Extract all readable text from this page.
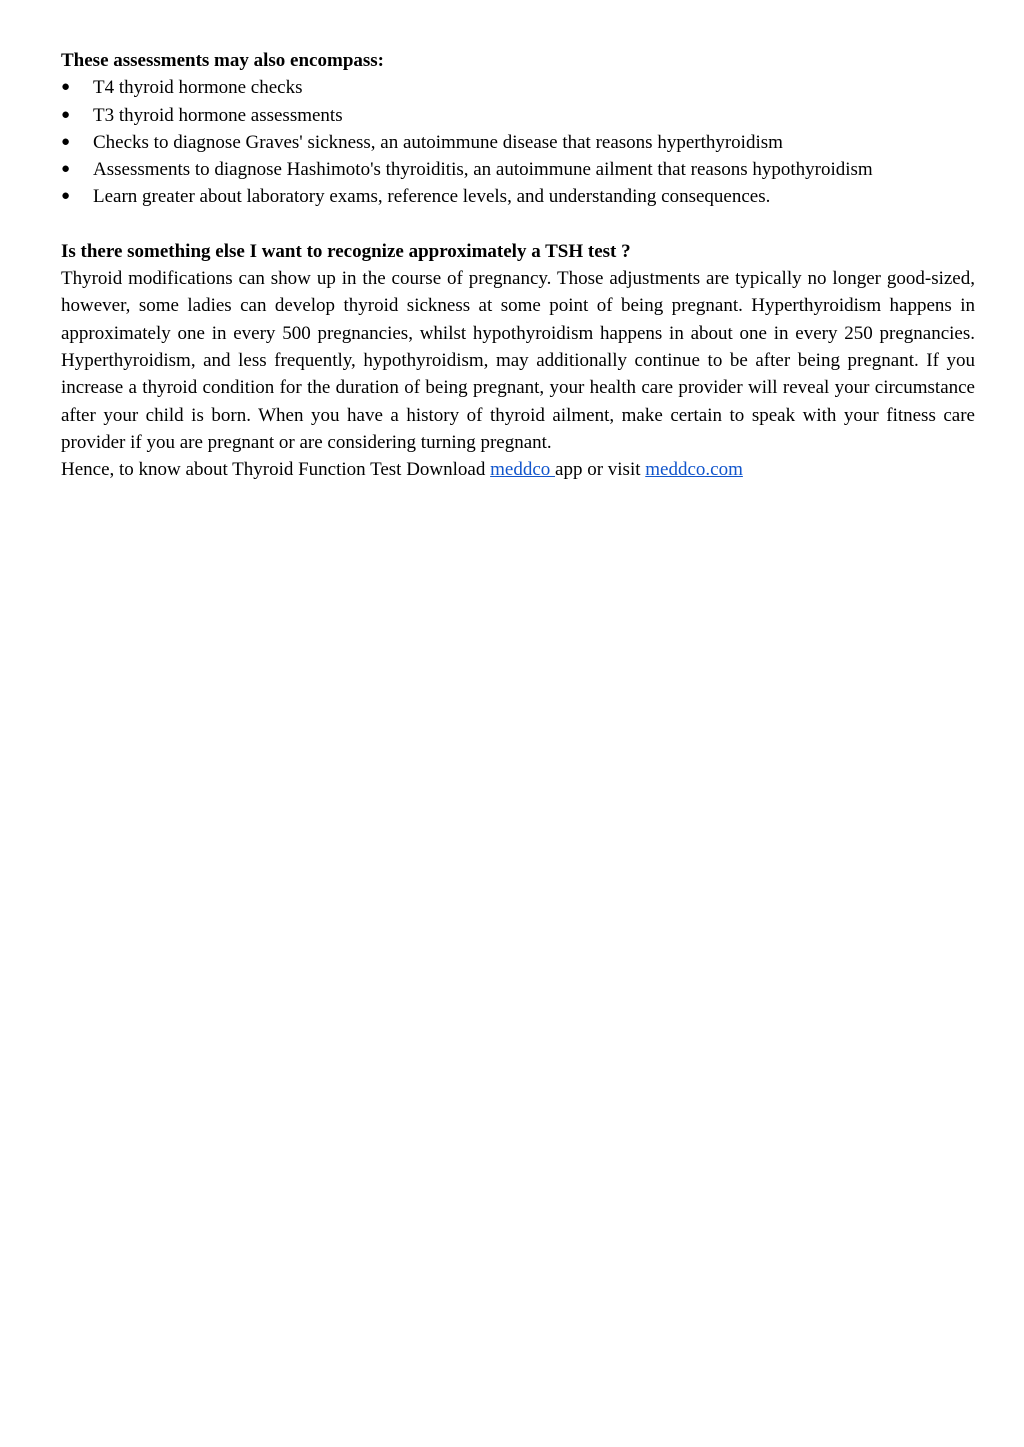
These assessments may also encompass:

●	T4 thyroid hormone checks
●	T3 thyroid hormone assessments
●	Checks to diagnose Graves' sickness, an autoimmune disease that reasons hyperthyroidism
●	Assessments to diagnose Hashimoto's thyroiditis, an autoimmune ailment that reasons hypothyroidism
●	Learn greater about laboratory exams, reference levels, and understanding consequences.

Is there something else I want to recognize approximately a TSH test ?

Thyroid modifications can show up in the course of pregnancy. Those adjustments are typically no longer good-sized, however, some ladies can develop thyroid sickness at some point of being pregnant. Hyperthyroidism happens in approximately one in every 500 pregnancies, whilst hypothyroidism happens in about one in every 250 pregnancies. Hyperthyroidism, and less frequently, hypothyroidism, may additionally continue to be after being pregnant. If you increase a thyroid condition for the duration of being pregnant, your health care provider will reveal your circumstance after your child is born. When you have a history of thyroid ailment, make certain to speak with your fitness care provider if you are pregnant or are considering turning pregnant.

Hence, to know about Thyroid Function Test Download meddco app or visit meddco.com
